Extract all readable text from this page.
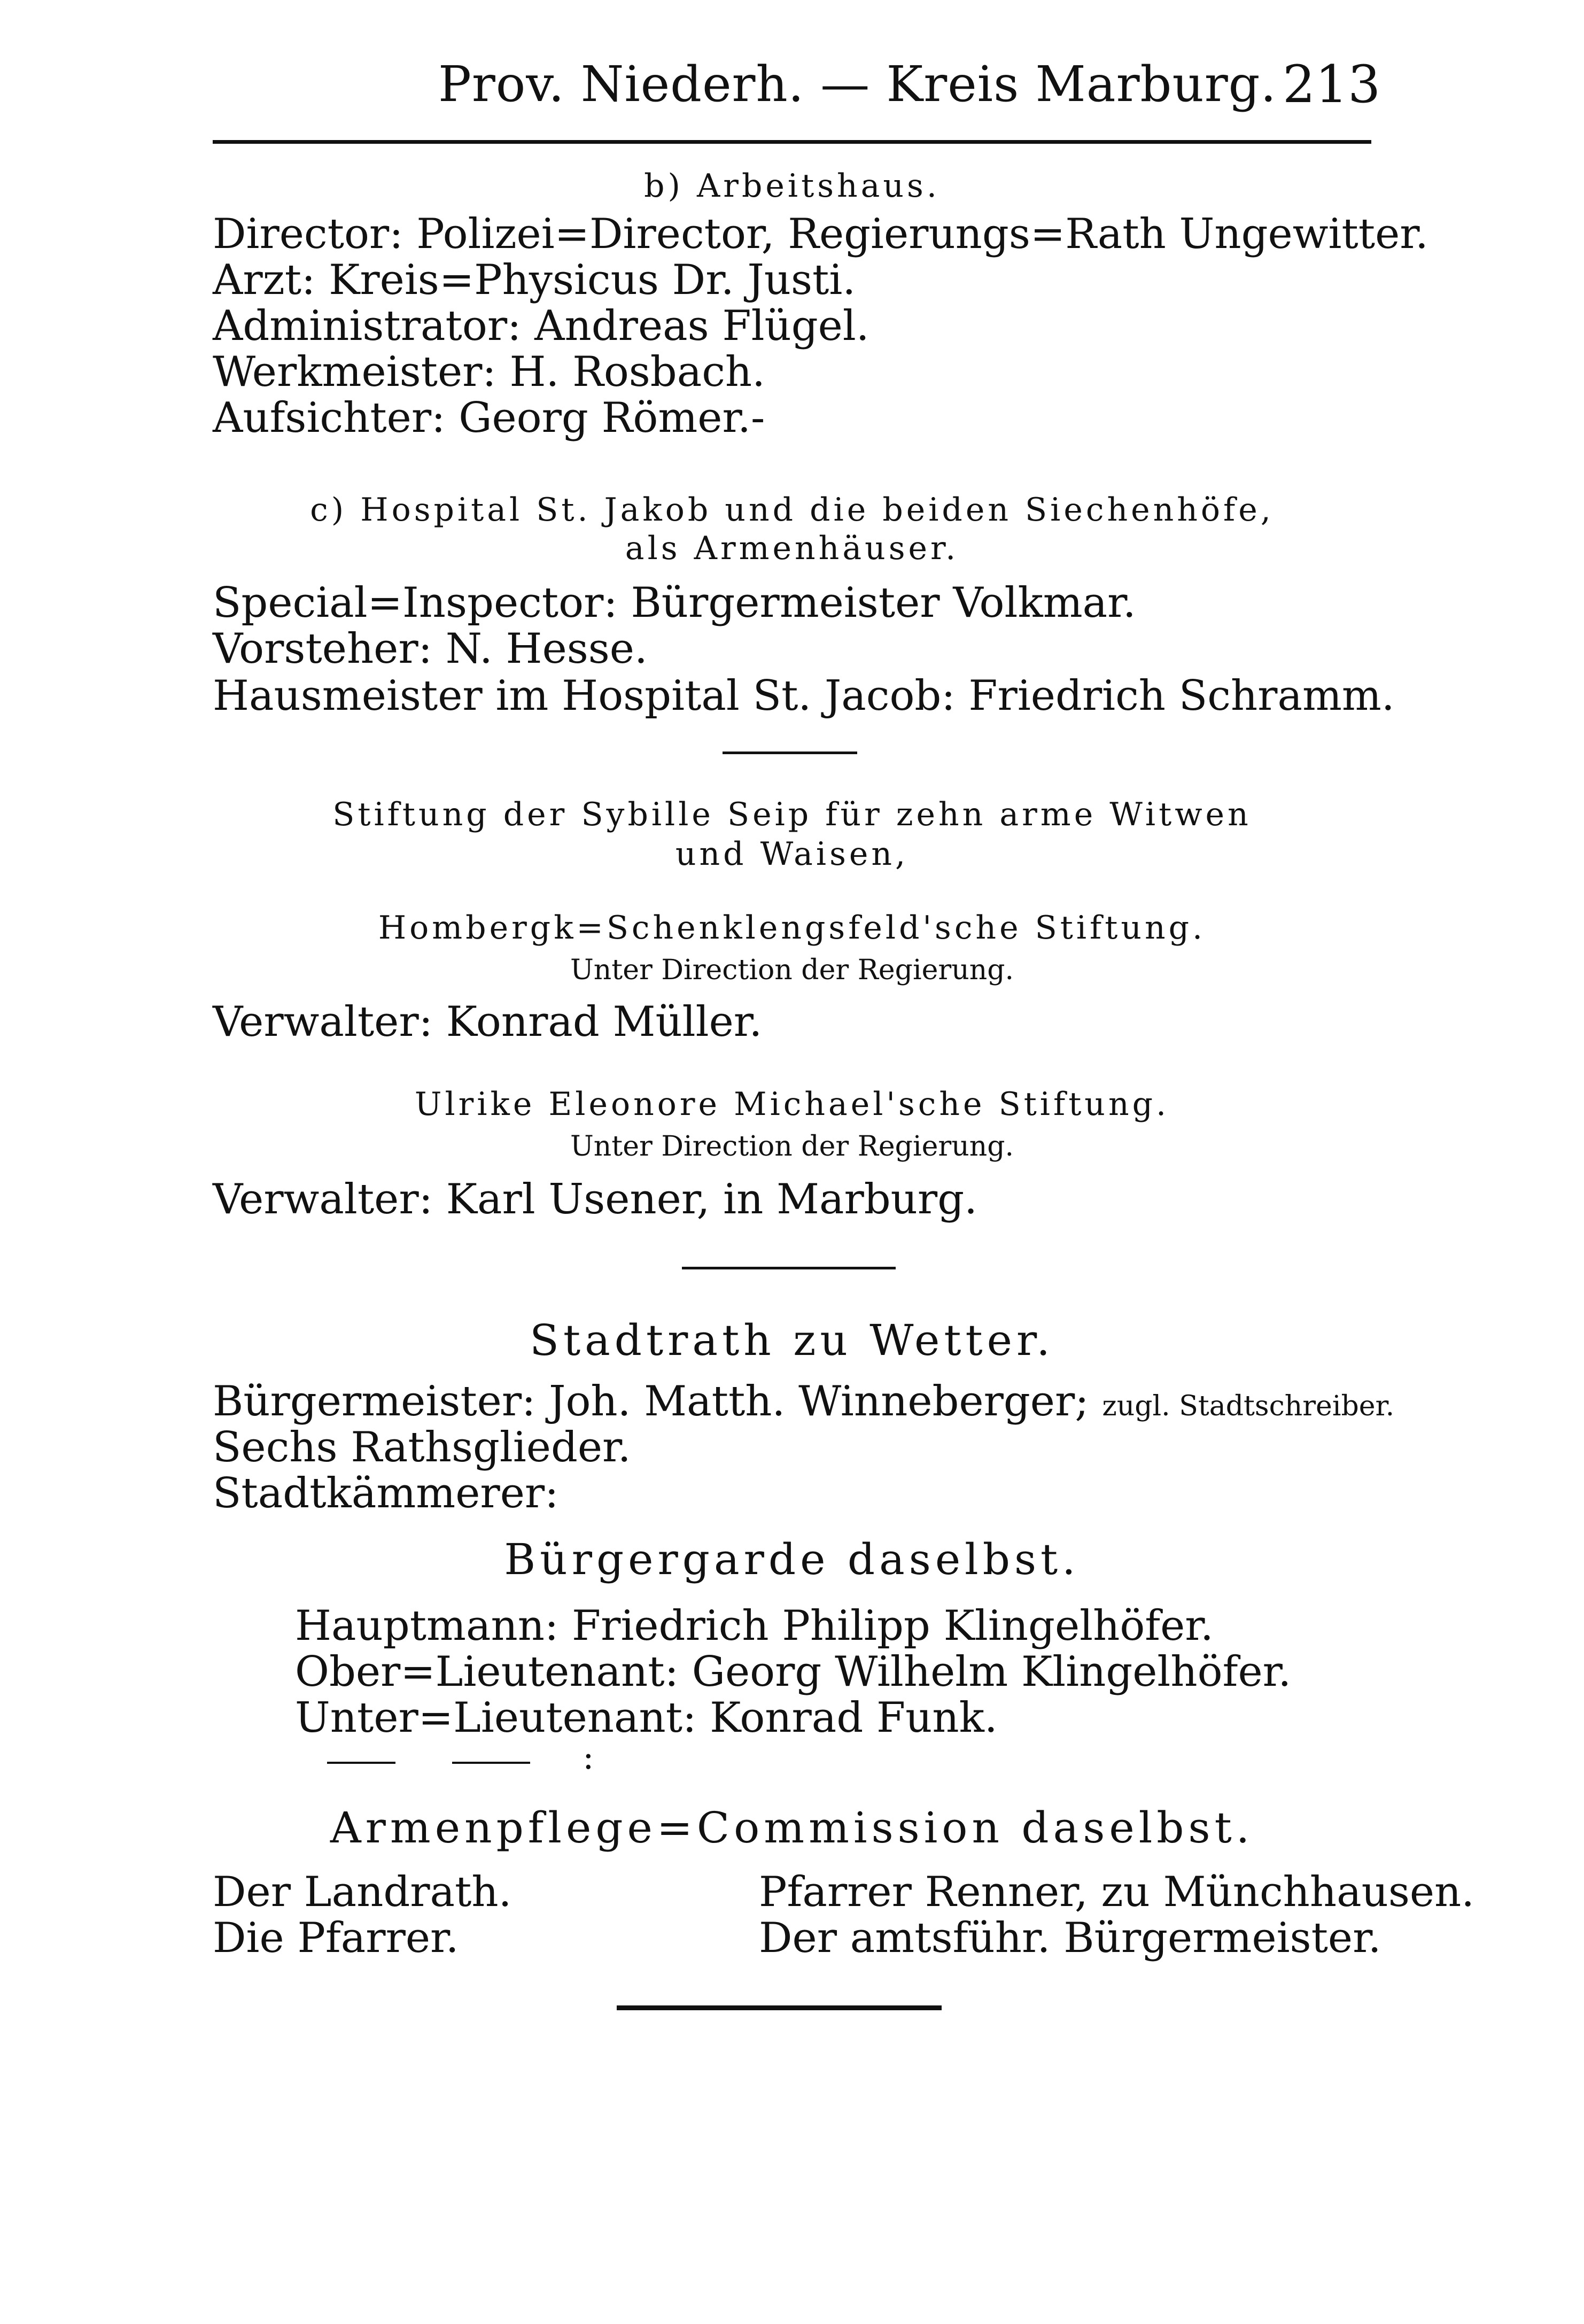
Prov. Niederh. — Kreis Marburg. 213
b) Arbeitshaus.
Director: Polizei=Director, Regierungs=Rath Ungewitter.
Arzt: Kreis=Physicus Dr. Justi.
Administrator: Andreas Flügel.
Werkmeister: H. Rosbach.
Aufsichter: Georg Römer.-
c) Hospital St. Jakob und die beiden Siechenhöfe,
als Armenhäuser.
Special=Inspector: Bürgermeister Volkmar.
Vorsteher: N. Hesse.
Hausmeister im Hospital St. Jacob: Friedrich Schramm.
Stiftung der Sybille Seip für zehn arme Witwen
und Waisen,
Hombergk=Schenklengsfeld'sche Stiftung.
Unter Direction der Regierung.
Verwalter: Konrad Müller.
Ulrike Eleonore Michael'sche Stiftung.
Unter Direction der Regierung.
Verwalter: Karl Usener, in Marburg.
Stadtrath zu Wetter.
Bürgermeister: Joh. Matth. Winneberger; zugl. Stadtschreiber.
Sechs Rathsglieder.
Stadtkämmerer:
Bürgergarde daselbst.
Hauptmann: Friedrich Philipp Klingelhöfer.
Ober=Lieutenant: Georg Wilhelm Klingelhöfer.
Unter=Lieutenant: Konrad Funk.
:
Armenpflege=Commission daselbst.
Der Landrath.
Die Pfarrer.
Pfarrer Renner, zu Münchhausen.
Der amtsführ. Bürgermeister.
